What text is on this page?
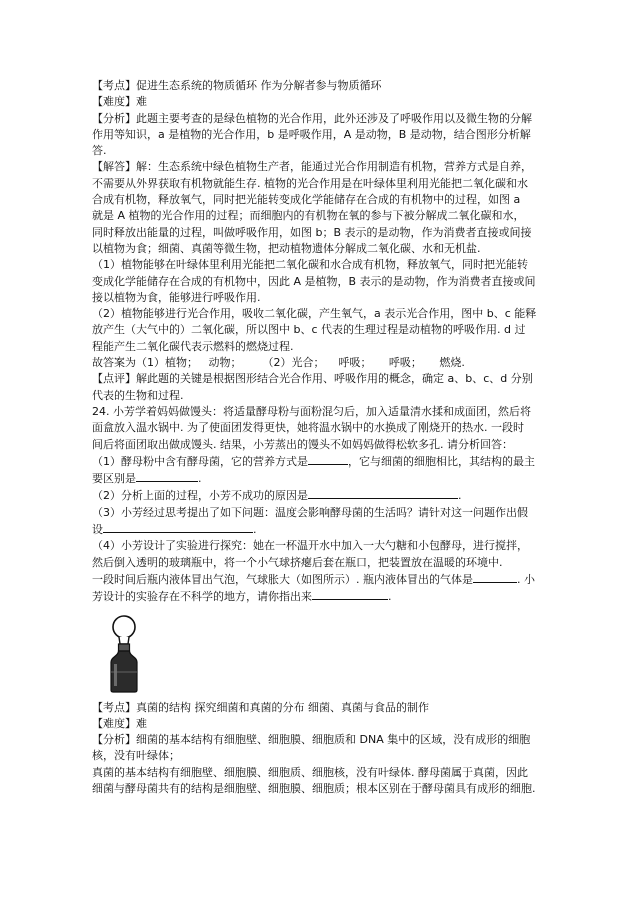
【考点】促进生态系统的物质循环 作为分解者参与物质循环

【难度】难

【分析】此题主要考查的是绿色植物的光合作用，此外还涉及了呼吸作用以及微生物的分解

作用等知识，a 是植物的光合作用，b 是呼吸作用，A 是动物，B 是动物，结合图形分析解

答.

【解答】解：生态系统中绿色植物生产者，能通过光合作用制造有机物，营养方式是自养，

不需要从外界获取有机物就能生存. 植物的光合作用是在叶绿体里利用光能把二氧化碳和水

合成有机物，释放氧气，同时把光能转变成化学能储存在合成的有机物中的过程，如图 a

就是 A 植物的光合作用的过程；而细胞内的有机物在氧的参与下被分解成二氧化碳和水，

同时释放出能量的过程，叫做呼吸作用，如图 b；B 表示的是动物，作为消费者直接或间接

以植物为食；细菌、真菌等微生物，把动植物遗体分解成二氧化碳、水和无机盐.

（1）植物能够在叶绿体里利用光能把二氧化碳和水合成有机物，释放氧气，同时把光能转

变成化学能储存在合成的有机物中，因此 A 是植物，B 表示的是动物，作为消费者直接或间

接以植物为食，能够进行呼吸作用.

（2）植物能够进行光合作用，吸收二氧化碳，产生氧气，a 表示光合作用，图中 b、c 能释

放产生（大气中的）二氧化碳，所以图中 b、c 代表的生理过程是动植物的呼吸作用. d 过

程能产生二氧化碳代表示燃料的燃烧过程.

故答案为（1）植物；   动物；      （2）光合；    呼吸；     呼吸；     燃烧.

【点评】解此题的关键是根据图形结合光合作用、呼吸作用的概念，确定 a、b、c、d 分别

代表的生物和过程.

24. 小芳学着妈妈做馒头：将适量酵母粉与面粉混匀后，加入适量清水揉和成面团，然后将

面盒放入温水锅中. 为了使面团发得更快，她将温水锅中的水换成了刚烧开的热水. 一段时

间后将面团取出做成馒头. 结果，小芳蒸出的馒头不如妈妈做得松软多孔. 请分析回答：

（1）酵母粉中含有酵母菌，它的营养方式是	，它与细菌的细胞相比，其结构的最主

要区别是	.

（2）分析上面的过程，小芳不成功的原因是	.

（3）小芳经过思考提出了如下问题：温度会影响酵母菌的生活吗？请针对这一问题作出假

设	.

（4）小芳设计了实验进行探究：她在一杯温开水中加入一大勺糖和小包酵母，进行搅拌，

然后倒入透明的玻璃瓶中，将一个小气球挤瘪后套在瓶口，把装置放在温暖的环境中.

一段时间后瓶内液体冒出气泡，气球胀大（如图所示）. 瓶内液体冒出的气体是	. 小

芳设计的实验存在不科学的地方，请你指出来	.

【考点】真菌的结构 探究细菌和真菌的分布 细菌、真菌与食品的制作

【难度】难

【分析】细菌的基本结构有细胞壁、细胞膜、细胞质和 DNA 集中的区域，没有成形的细胞

核，没有叶绿体；

真菌的基本结构有细胞壁、细胞膜、细胞质、细胞核，没有叶绿体. 酵母菌属于真菌，因此

细菌与酵母菌共有的结构是细胞壁、细胞膜、细胞质；根本区别在于酵母菌具有成形的细胞.
